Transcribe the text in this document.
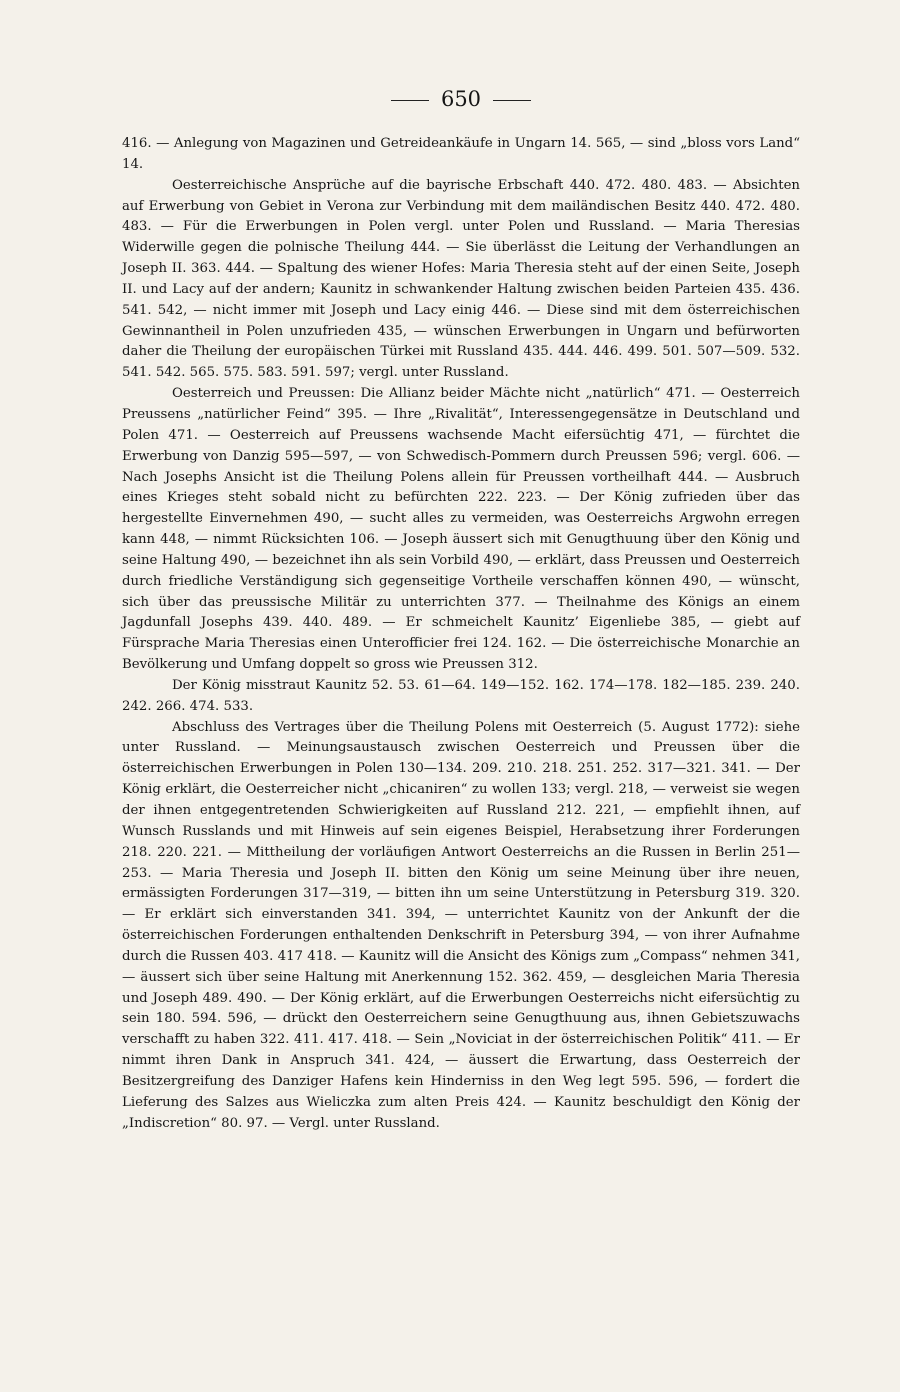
650

416. — Anlegung von Magazinen und Getreideankäufe in Ungarn 14. 565, — sind „bloss vors Land“ 14.

Oesterreichische Ansprüche auf die bayrische Erbschaft 440. 472. 480. 483. — Absichten auf Erwerbung von Gebiet in Verona zur Verbindung mit dem mailändischen Besitz 440. 472. 480. 483. — Für die Erwerbungen in Polen vergl. unter Polen und Russland. — Maria Theresias Widerwille gegen die polnische Theilung 444. — Sie überlässt die Leitung der Verhandlungen an Joseph II. 363. 444. — Spaltung des wiener Hofes: Maria Theresia steht auf der einen Seite, Joseph II. und Lacy auf der andern; Kaunitz in schwankender Haltung zwischen beiden Parteien 435. 436. 541. 542, — nicht immer mit Joseph und Lacy einig 446. — Diese sind mit dem österreichischen Gewinnantheil in Polen unzufrieden 435, — wünschen Erwerbungen in Ungarn und befürworten daher die Theilung der europäischen Türkei mit Russland 435. 444. 446. 499. 501. 507—509. 532. 541. 542. 565. 575. 583. 591. 597; vergl. unter Russland.

Oesterreich und Preussen: Die Allianz beider Mächte nicht „natürlich“ 471. — Oesterreich Preussens „natürlicher Feind“ 395. — Ihre „Rivalität“, Interessengegensätze in Deutschland und Polen 471. — Oesterreich auf Preussens wachsende Macht eifersüchtig 471, — fürchtet die Erwerbung von Danzig 595—597, — von Schwedisch-Pommern durch Preussen 596; vergl. 606. — Nach Josephs Ansicht ist die Theilung Polens allein für Preussen vortheilhaft 444. — Ausbruch eines Krieges steht sobald nicht zu befürchten 222. 223. — Der König zufrieden über das hergestellte Einvernehmen 490, — sucht alles zu vermeiden, was Oesterreichs Argwohn erregen kann 448, — nimmt Rücksichten 106. — Joseph äussert sich mit Genugthuung über den König und seine Haltung 490, — bezeichnet ihn als sein Vorbild 490, — erklärt, dass Preussen und Oesterreich durch friedliche Verständigung sich gegenseitige Vortheile verschaffen können 490, — wünscht, sich über das preussische Militär zu unterrichten 377. — Theilnahme des Königs an einem Jagdunfall Josephs 439. 440. 489. — Er schmeichelt Kaunitz’ Eigenliebe 385, — giebt auf Fürsprache Maria Theresias einen Unterofficier frei 124. 162. — Die österreichische Monarchie an Bevölkerung und Umfang doppelt so gross wie Preussen 312.

Der König misstraut Kaunitz 52. 53. 61—64. 149—152. 162. 174—178. 182—185. 239. 240. 242. 266. 474. 533.

Abschluss des Vertrages über die Theilung Polens mit Oesterreich (5. August 1772): siehe unter Russland. — Meinungsaustausch zwischen Oesterreich und Preussen über die österreichischen Erwerbungen in Polen 130—134. 209. 210. 218. 251. 252. 317—321. 341. — Der König erklärt, die Oesterreicher nicht „chicaniren“ zu wollen 133; vergl. 218, — verweist sie wegen der ihnen entgegentretenden Schwierigkeiten auf Russland 212. 221, — empfiehlt ihnen, auf Wunsch Russlands und mit Hinweis auf sein eigenes Beispiel, Herabsetzung ihrer Forderungen 218. 220. 221. — Mittheilung der vorläufigen Antwort Oesterreichs an die Russen in Berlin 251—253. — Maria Theresia und Joseph II. bitten den König um seine Meinung über ihre neuen, ermässigten Forderungen 317—319, — bitten ihn um seine Unterstützung in Petersburg 319. 320. — Er erklärt sich einverstanden 341. 394, — unterrichtet Kaunitz von der Ankunft der die österreichischen Forderungen enthaltenden Denkschrift in Petersburg 394, — von ihrer Aufnahme durch die Russen 403. 417 418. — Kaunitz will die Ansicht des Königs zum „Compass“ nehmen 341, — äussert sich über seine Haltung mit Anerkennung 152. 362. 459, — desgleichen Maria Theresia und Joseph 489. 490. — Der König erklärt, auf die Erwerbungen Oesterreichs nicht eifersüchtig zu sein 180. 594. 596, — drückt den Oesterreichern seine Genugthuung aus, ihnen Gebietszuwachs verschafft zu haben 322. 411. 417. 418. — Sein „Noviciat in der österreichischen Politik“ 411. — Er nimmt ihren Dank in Anspruch 341. 424, — äussert die Erwartung, dass Oesterreich der Besitzergreifung des Danziger Hafens kein Hinderniss in den Weg legt 595. 596, — fordert die Lieferung des Salzes aus Wieliczka zum alten Preis 424. — Kaunitz beschuldigt den König der „Indiscretion“ 80. 97. — Vergl. unter Russland.
